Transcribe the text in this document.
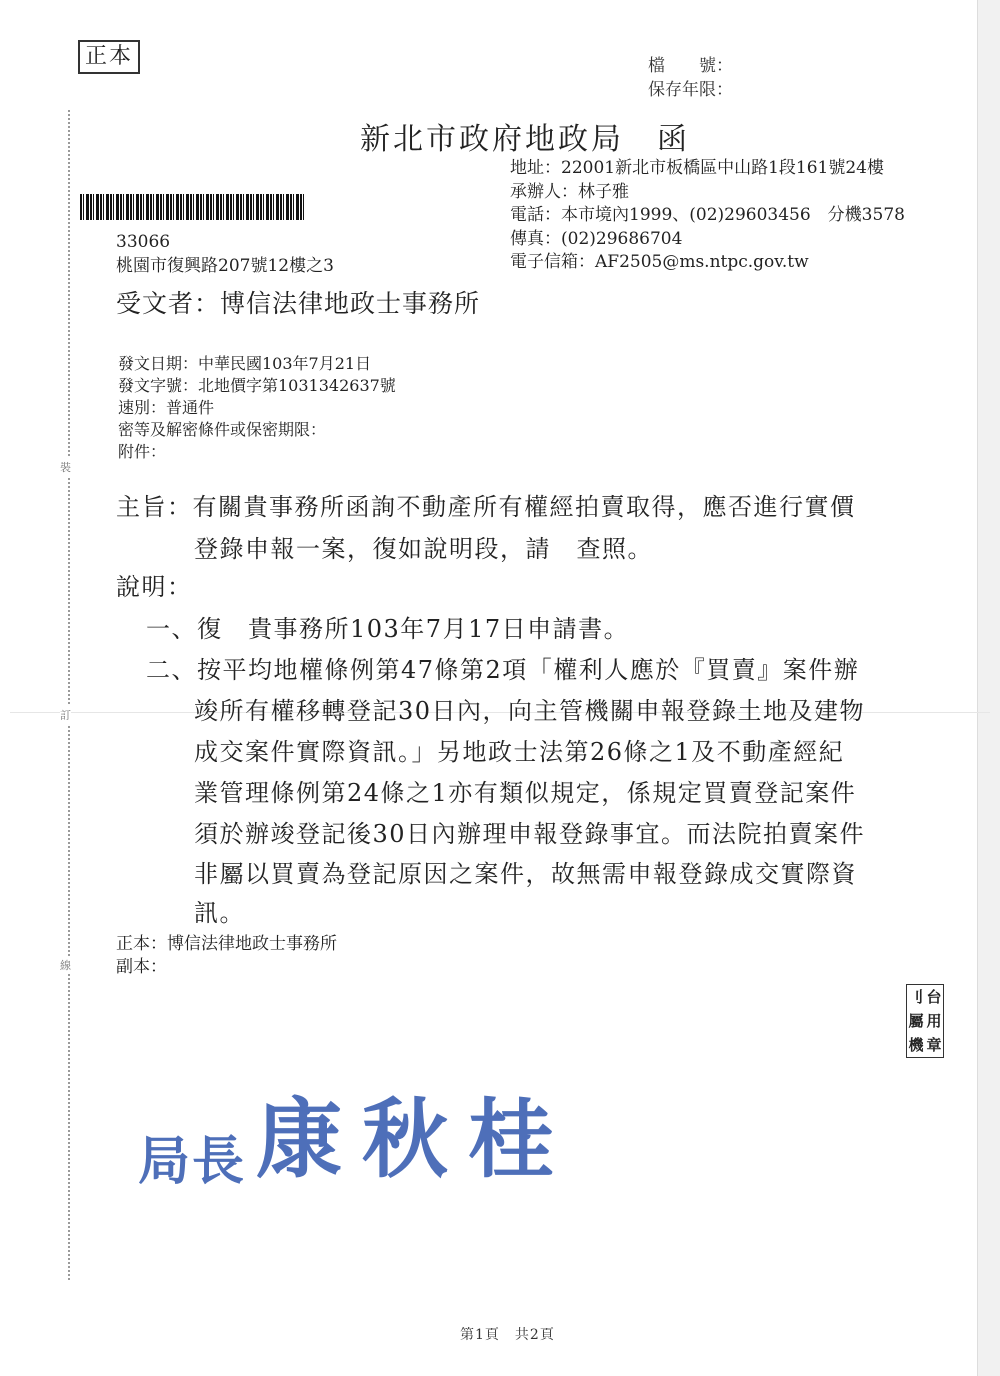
裝
訂
線
正本	檔　　號：
保存年限：
新北市政府地政局　函
地址：22001新北市板橋區中山路1段161號24樓
承辦人：林子雅
電話：本市境內1999、(02)29603456　分機3578
傳真：(02)29686704
電子信箱：AF2505@ms.ntpc.gov.tw
33066
桃園市復興路207號12樓之3
受文者：博信法律地政士事務所
發文日期：中華民國103年7月21日
發文字號：北地價字第1031342637號
速別：普通件
密等及解密條件或保密期限：
附件：
主旨：有關貴事務所函詢不動產所有權經拍賣取得，應否進行實價
登錄申報一案，復如說明段，請　查照。
說明：
一、復　貴事務所103年7月17日申請書。
二、按平均地權條例第47條第2項「權利人應於『買賣』案件辦
竣所有權移轉登記30日內，向主管機關申報登錄土地及建物
成交案件實際資訊。」另地政士法第26條之1及不動產經紀
業管理條例第24條之1亦有類似規定，係規定買賣登記案件
須於辦竣登記後30日內辦理申報登錄事宜。而法院拍賣案件
非屬以買賣為登記原因之案件，故無需申報登錄成交實際資
訊。
正本：博信法律地政士事務所
副本：
刂 台
屬 用
機 章
局長 康秋桂
第1頁　共2頁
